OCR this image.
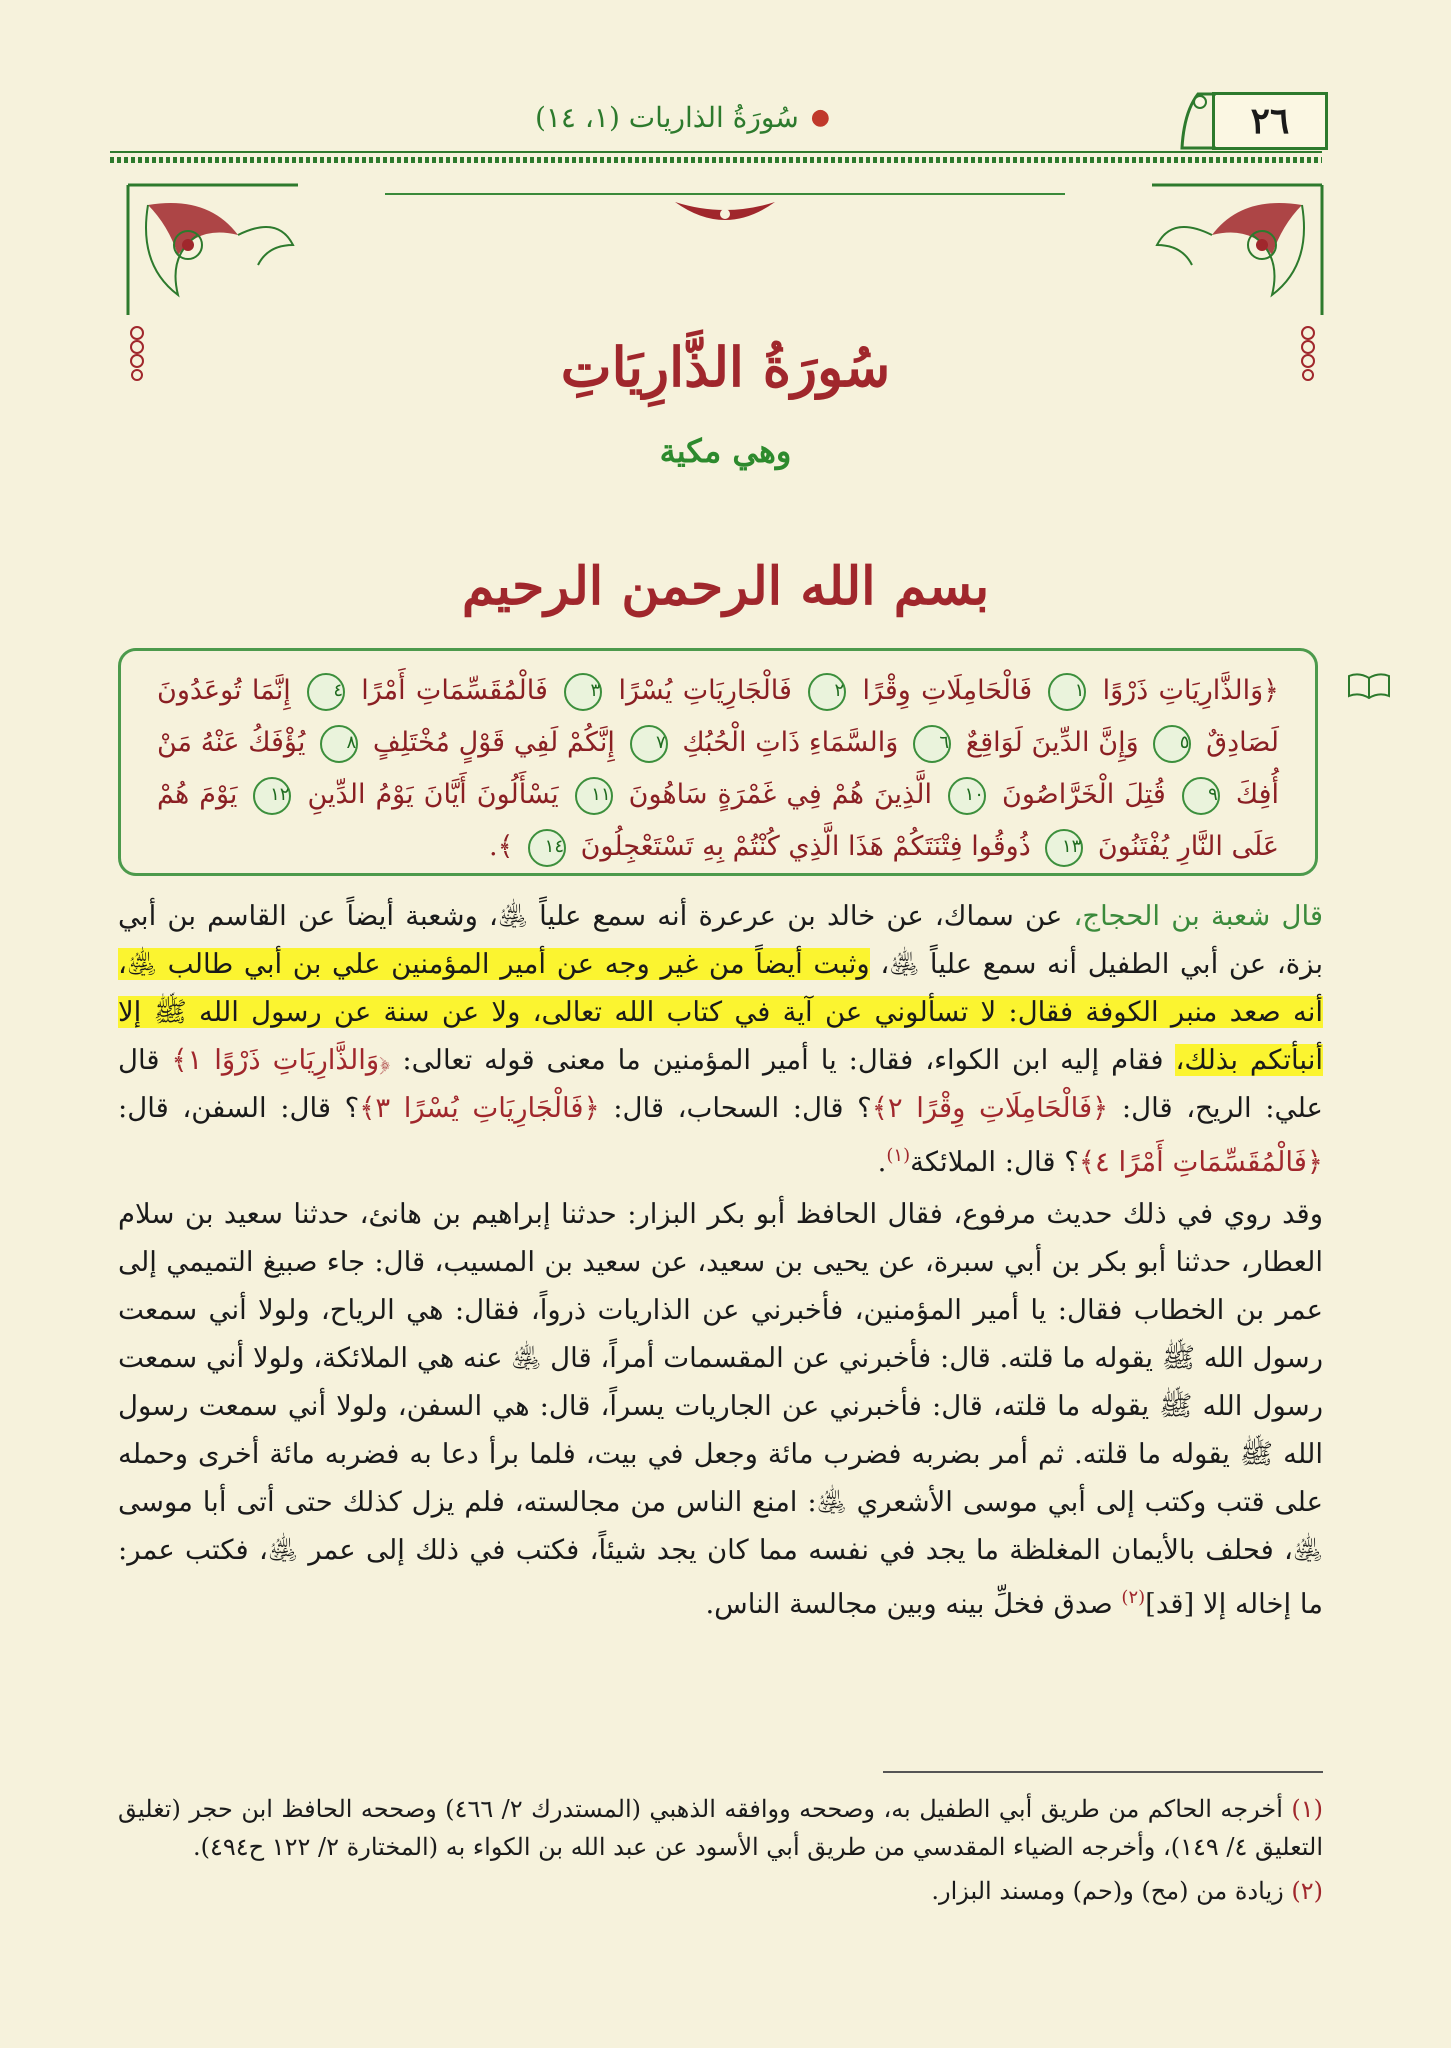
٢٦
●
سُورَةُ الذاريات (١، ١٤)
سُورَةُ الذَّارِيَاتِ
وهي مكية
بسم الله الرحمن الرحيم
﴿وَالذَّارِيَاتِ ذَرْوًا ١ فَالْحَامِلَاتِ وِقْرًا ٢ فَالْجَارِيَاتِ يُسْرًا ٣ فَالْمُقَسِّمَاتِ أَمْرًا ٤ إِنَّمَا تُوعَدُونَ لَصَادِقٌ ٥ وَإِنَّ الدِّينَ لَوَاقِعٌ ٦ وَالسَّمَاءِ ذَاتِ الْحُبُكِ ٧ إِنَّكُمْ لَفِي قَوْلٍ مُخْتَلِفٍ ٨ يُؤْفَكُ عَنْهُ مَنْ أُفِكَ ٩ قُتِلَ الْخَرَّاصُونَ ١٠ الَّذِينَ هُمْ فِي غَمْرَةٍ سَاهُونَ ١١ يَسْأَلُونَ أَيَّانَ يَوْمُ الدِّينِ ١٢ يَوْمَ هُمْ عَلَى النَّارِ يُفْتَنُونَ ١٣ ذُوقُوا فِتْنَتَكُمْ هَذَا الَّذِي كُنْتُمْ بِهِ تَسْتَعْجِلُونَ ١٤ ﴾.

قال شعبة بن الحجاج، عن سماك، عن خالد بن عرعرة أنه سمع علياً ﵁، وشعبة أيضاً عن القاسم بن أبي بزة، عن أبي الطفيل أنه سمع علياً ﵁، وثبت أيضاً من غير وجه عن أمير المؤمنين علي بن أبي طالب ﵁، أنه صعد منبر الكوفة فقال: لا تسألوني عن آية في كتاب الله تعالى، ولا عن سنة عن رسول الله ﷺ إلا أنبأتكم بذلك، فقام إليه ابن الكواء، فقال: يا أمير المؤمنين ما معنى قوله تعالى: ﴿وَالذَّارِيَاتِ ذَرْوًا ١﴾ قال علي: الريح، قال: ﴿فَالْحَامِلَاتِ وِقْرًا ٢﴾؟ قال: السحاب، قال: ﴿فَالْجَارِيَاتِ يُسْرًا ٣﴾؟ قال: السفن، قال: ﴿فَالْمُقَسِّمَاتِ أَمْرًا ٤﴾؟ قال: الملائكة$^{(١)}$.

وقد روي في ذلك حديث مرفوع، فقال الحافظ أبو بكر البزار: حدثنا إبراهيم بن هانئ، حدثنا سعيد بن سلام العطار، حدثنا أبو بكر بن أبي سبرة، عن يحيى بن سعيد، عن سعيد بن المسيب، قال: جاء صبيغ التميمي إلى عمر بن الخطاب فقال: يا أمير المؤمنين، فأخبرني عن الذاريات ذرواً، فقال: هي الرياح، ولولا أني سمعت رسول الله ﷺ يقوله ما قلته. قال: فأخبرني عن المقسمات أمراً، قال ﵁ عنه هي الملائكة، ولولا أني سمعت رسول الله ﷺ يقوله ما قلته، قال: فأخبرني عن الجاريات يسراً، قال: هي السفن، ولولا أني سمعت رسول الله ﷺ يقوله ما قلته. ثم أمر بضربه فضرب مائة وجعل في بيت، فلما برأ دعا به فضربه مائة أخرى وحمله على قتب وكتب إلى أبي موسى الأشعري ﵁: امنع الناس من مجالسته، فلم يزل كذلك حتى أتى أبا موسى ﵁، فحلف بالأيمان المغلظة ما يجد في نفسه مما كان يجد شيئاً، فكتب في ذلك إلى عمر ﵁، فكتب عمر: ما إخاله إلا [قد]$^{(٢)}$ صدق فخلِّ بينه وبين مجالسة الناس.

(١) أخرجه الحاكم من طريق أبي الطفيل به، وصححه ووافقه الذهبي (المستدرك ٢/ ٤٦٦) وصححه الحافظ ابن حجر (تغليق التعليق ٤/ ١٤٩)، وأخرجه الضياء المقدسي من طريق أبي الأسود عن عبد الله بن الكواء به (المختارة ٢/ ١٢٢ ح٤٩٤).

(٢) زيادة من (مح) و(حم) ومسند البزار.
